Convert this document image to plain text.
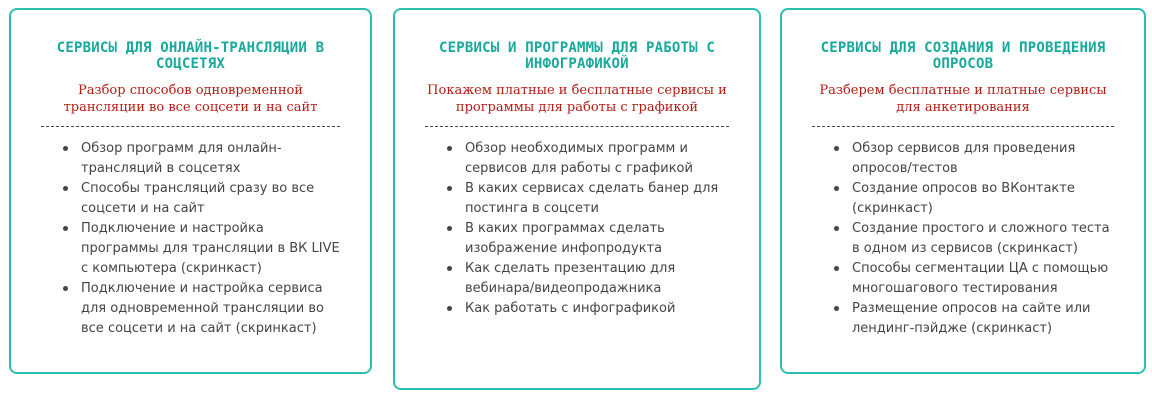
СЕРВИСЫ ДЛЯ ОНЛАЙН-ТРАНСЛЯЦИИ В СОЦСЕТЯХ

Разбор способов одновременной трансляции во все соцсети и на сайт

Обзор программ для онлайн-трансляций в соцсетях
Способы трансляций сразу во все соцсети и на сайт
Подключение и настройка программы для трансляции в ВК LIVE с компьютера (скринкаст)
Подключение и настройка сервиса для одновременной трансляции во все соцсети и на сайт (скринкаст)
СЕРВИСЫ И ПРОГРАММЫ ДЛЯ РАБОТЫ С ИНФОГРАФИКОЙ

Покажем платные и бесплатные сервисы и программы для работы с графикой

Обзор необходимых программ и сервисов для работы с графикой
В каких сервисах сделать банер для постинга в соцсети
В каких программах сделать изображение инфопродукта
Как сделать презентацию для вебинара/видеопродажника
Как работать с инфографикой
СЕРВИСЫ ДЛЯ СОЗДАНИЯ И ПРОВЕДЕНИЯ ОПРОСОВ

Разберем бесплатные и платные сервисы для анкетирования

Обзор сервисов для проведения опросов/тестов
Создание опросов во ВКонтакте (скринкаст)
Создание простого и сложного теста в одном из сервисов (скринкаст)
Способы сегментации ЦА с помощью многошагового тестирования
Размещение опросов на сайте или лендинг-пэйдже (скринкаст)
